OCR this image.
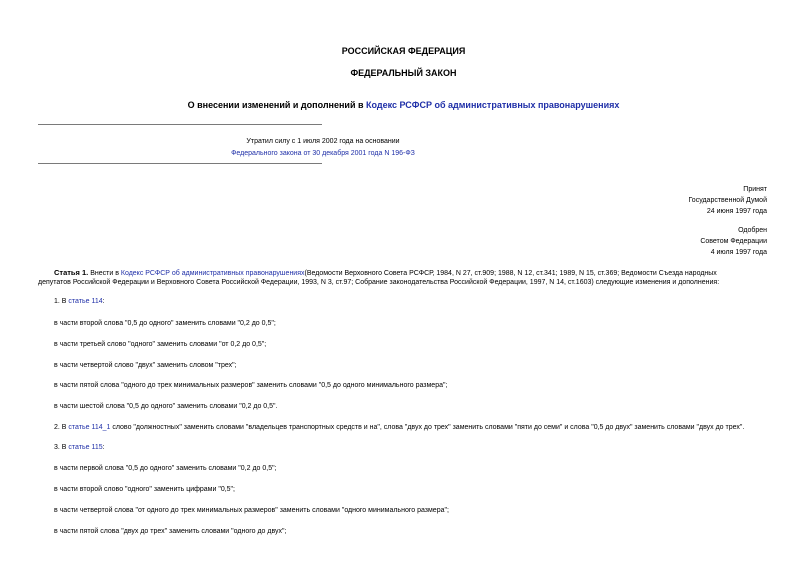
РОССИЙСКАЯ ФЕДЕРАЦИЯ
ФЕДЕРАЛЬНЫЙ ЗАКОН
О внесении изменений и дополнений в Кодекс РСФСР об административных правонарушениях
Утратил силу с 1 июля 2002 года на основании
Федерального закона от 30 декабря 2001 года N 196-ФЗ
Принят
Государственной Думой
24 июня 1997 года
Одобрен
Советом Федерации
4 июля 1997 года
Статья 1. Внести в Кодекс РСФСР об административных правонарушениях(Ведомости Верховного Совета РСФСР, 1984, N 27, ст.909; 1988, N 12, ст.341; 1989, N 15, ст.369; Ведомости Съезда народных
депутатов Российской Федерации и Верховного Совета Российской Федерации, 1993, N 3, ст.97; Собрание законодательства Российской Федерации, 1997, N 14, ст.1603) следующие изменения и дополнения:
1. В статье 114:
в части второй слова "0,5 до одного" заменить словами "0,2 до 0,5";
в части третьей слово "одного" заменить словами "от 0,2 до 0,5";
в части четвертой слово "двух" заменить словом "трех";
в части пятой слова "одного до трех минимальных размеров" заменить словами "0,5 до одного минимального размера";
в части шестой слова "0,5 до одного" заменить словами "0,2 до 0,5".
2. В статье 114_1 слово "должностных" заменить словами "владельцев транспортных средств и на", слова "двух до трех" заменить словами "пяти до семи" и слова "0,5 до двух" заменить словами "двух до трех".
3. В статье 115:
в части первой слова "0,5 до одного" заменить словами "0,2 до 0,5";
в части второй слово "одного" заменить цифрами "0,5";
в части четвертой слова "от одного до трех минимальных размеров" заменить словами "одного минимального размера";
в части пятой слова "двух до трех" заменить словами "одного до двух";
